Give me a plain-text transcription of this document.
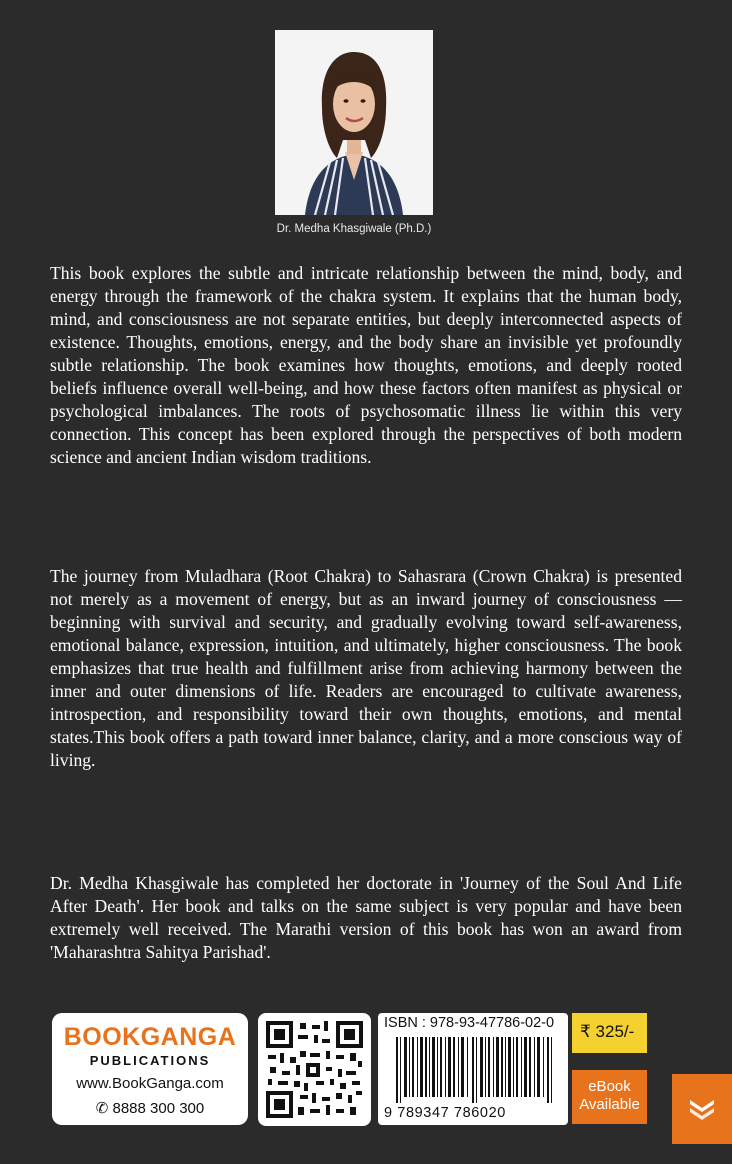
Dr. Medha Khasgiwale (Ph.D.)

This book explores the subtle and intricate relationship between the mind, body, and energy through the framework of the chakra system. It explains that the human body, mind, and consciousness are not separate entities, but deeply interconnected aspects of existence. Thoughts, emotions, energy, and the body share an invisible yet profoundly subtle relationship. The book examines how thoughts, emotions, and deeply rooted beliefs influence overall well-being, and how these factors often manifest as physical or psychological imbalances. The roots of psychosomatic illness lie within this very connection. This concept has been explored through the perspectives of both modern science and ancient Indian wisdom traditions.

The journey from Muladhara (Root Chakra) to Sahasrara (Crown Chakra) is presented not merely as a movement of energy, but as an inward journey of consciousness — beginning with survival and security, and gradually evolving toward self-awareness, emotional balance, expression, intuition, and ultimately, higher consciousness. The book emphasizes that true health and fulfillment arise from achieving harmony between the inner and outer dimensions of life. Readers are encouraged to cultivate awareness, introspection, and responsibility toward their own thoughts, emotions, and mental states.This book offers a path toward inner balance, clarity, and a more conscious way of living.

Dr. Medha Khasgiwale has completed her doctorate in 'Journey of the Soul And Life After Death'. Her book and talks on the same subject is very popular and have been extremely well received. The Marathi version of this book has won an award from 'Maharashtra Sahitya Parishad'.

BOOKGANGA
PUBLICATIONS
www.BookGanga.com
✆ 8888 300 300
ISBN : 978-93-47786-02-0
9 789347 786020
₹ 325/-
eBook
Available
